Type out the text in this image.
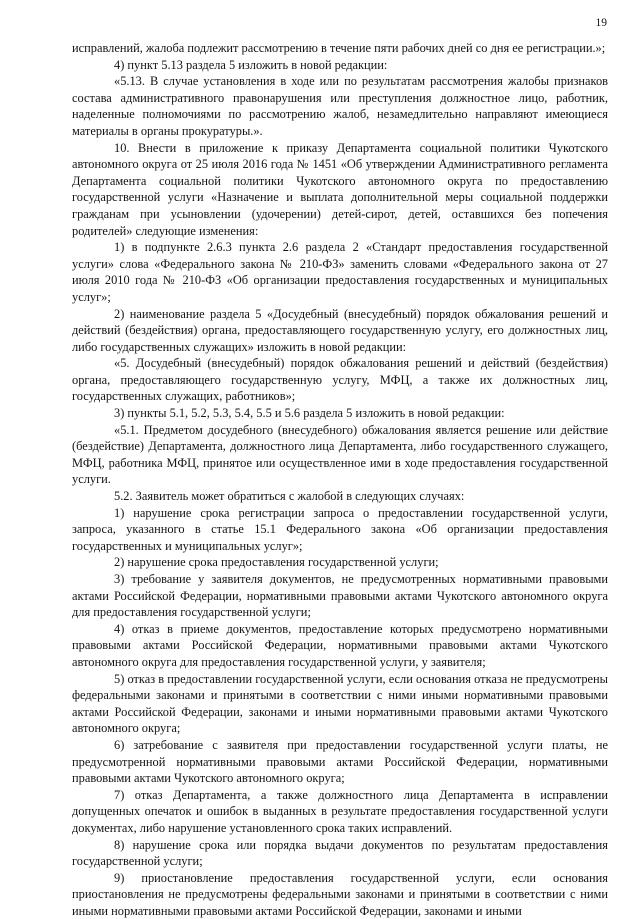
19

исправлений, жалоба подлежит рассмотрению в течение пяти рабочих дней со дня ее регистрации.»;

4) пункт 5.13 раздела 5 изложить в новой редакции:

«5.13. В случае установления в ходе или по результатам рассмотрения жалобы признаков состава административного правонарушения или преступления должностное лицо, работник, наделенные полномочиями по рассмотрению жалоб, незамедлительно направляют имеющиеся материалы в органы прокуратуры.».

10. Внести в приложение к приказу Департамента социальной политики Чукотского автономного округа от 25 июля 2016 года № 1451 «Об утверждении Административного регламента Департамента социальной политики Чукотского автономного округа по предоставлению государственной услуги «Назначение и выплата дополнительной меры социальной поддержки гражданам при усыновлении (удочерении) детей-сирот, детей, оставшихся без попечения родителей» следующие изменения:

1) в подпункте 2.6.3 пункта 2.6 раздела 2 «Стандарт предоставления государственной услуги» слова «Федерального закона № 210-ФЗ» заменить словами «Федерального закона от 27 июля 2010 года № 210-ФЗ «Об организации предоставления государственных и муниципальных услуг»;

2) наименование раздела 5 «Досудебный (внесудебный) порядок обжалования решений и действий (бездействия) органа, предоставляющего государственную услугу, его должностных лиц, либо государственных служащих» изложить в новой редакции:

«5. Досудебный (внесудебный) порядок обжалования решений и действий (бездействия) органа, предоставляющего государственную услугу, МФЦ, а также их должностных лиц, государственных служащих, работников»;

3) пункты 5.1, 5.2, 5.3, 5.4, 5.5 и 5.6 раздела 5 изложить в новой редакции:

«5.1. Предметом досудебного (внесудебного) обжалования является решение или действие (бездействие) Департамента, должностного лица Департамента, либо государственного служащего, МФЦ, работника МФЦ, принятое или осуществленное ими в ходе предоставления государственной услуги.

5.2. Заявитель может обратиться с жалобой в следующих случаях:

1) нарушение срока регистрации запроса о предоставлении государственной услуги, запроса, указанного в статье 15.1 Федерального закона «Об организации предоставления государственных и муниципальных услуг»;

2) нарушение срока предоставления государственной услуги;

3) требование у заявителя документов, не предусмотренных нормативными правовыми актами Российской Федерации, нормативными правовыми актами Чукотского автономного округа для предоставления государственной услуги;

4) отказ в приеме документов, предоставление которых предусмотрено нормативными правовыми актами Российской Федерации, нормативными правовыми актами Чукотского автономного округа для предоставления государственной услуги, у заявителя;

5) отказ в предоставлении государственной услуги, если основания отказа не предусмотрены федеральными законами и принятыми в соответствии с ними иными нормативными правовыми актами Российской Федерации, законами и иными нормативными правовыми актами Чукотского автономного округа;

6) затребование с заявителя при предоставлении государственной услуги платы, не предусмотренной нормативными правовыми актами Российской Федерации, нормативными правовыми актами Чукотского автономного округа;

7) отказ Департамента, а также должностного лица Департамента в исправлении допущенных опечаток и ошибок в выданных в результате предоставления государственной услуги документах, либо нарушение установленного срока таких исправлений.

8) нарушение срока или порядка выдачи документов по результатам предоставления государственной услуги;

9) приостановление предоставления государственной услуги, если основания приостановления не предусмотрены федеральными законами и принятыми в соответствии с ними иными нормативными правовыми актами Российской Федерации, законами и иными
